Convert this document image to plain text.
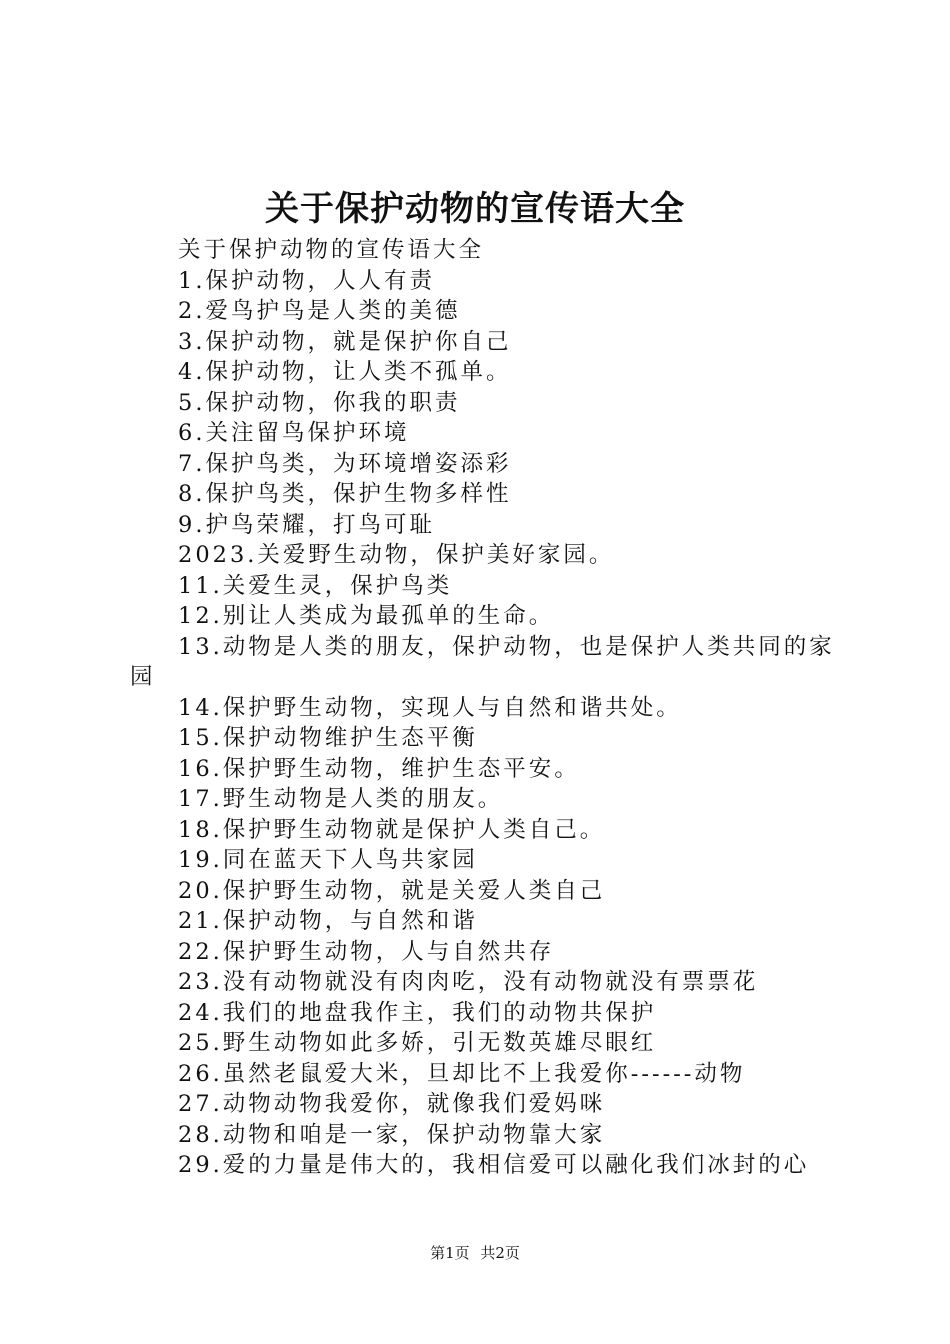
关于保护动物的宣传语大全

关于保护动物的宣传语大全

1.保护动物，人人有责

2.爱鸟护鸟是人类的美德

3.保护动物，就是保护你自己

4.保护动物，让人类不孤单。

5.保护动物，你我的职责

6.关注留鸟保护环境

7.保护鸟类，为环境增姿添彩

8.保护鸟类，保护生物多样性

9.护鸟荣耀，打鸟可耻

2023.关爱野生动物，保护美好家园。

11.关爱生灵，保护鸟类

12.别让人类成为最孤单的生命。

13.动物是人类的朋友，保护动物，也是保护人类共同的家园

14.保护野生动物，实现人与自然和谐共处。

15.保护动物维护生态平衡

16.保护野生动物，维护生态平安。

17.野生动物是人类的朋友。

18.保护野生动物就是保护人类自己。

19.同在蓝天下人鸟共家园

20.保护野生动物，就是关爱人类自己

21.保护动物，与自然和谐

22.保护野生动物，人与自然共存

23.没有动物就没有肉肉吃，没有动物就没有票票花

24.我们的地盘我作主，我们的动物共保护

25.野生动物如此多娇，引无数英雄尽眼红

26.虽然老鼠爱大米，旦却比不上我爱你------动物

27.动物动物我爱你，就像我们爱妈咪

28.动物和咱是一家，保护动物靠大家

29.爱的力量是伟大的，我相信爱可以融化我们冰封的心

第1页 共2页
